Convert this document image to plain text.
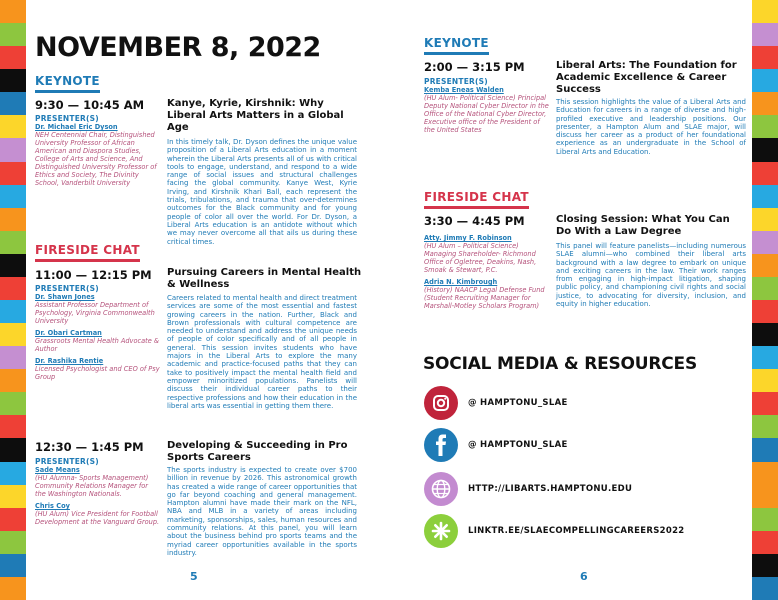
NOVEMBER 8, 2022
KEYNOTE
9:30 — 10:45 AM
PRESENTER(S)
Dr. Michael Eric Dyson
NEH Centennial Chair, Distinguished University Professor of African American and Diaspora Studies, College of Arts and Science, And Distinguished University Professor of Ethics and Society, The Divinity School, Vanderbilt University
Kanye, Kyrie, Kirshnik: Why Liberal Arts Matters in a Global Age
In this timely talk, Dr. Dyson defines the unique value proposition of a Liberal Arts education in a moment wherein the Liberal Arts presents all of us with critical tools to engage, understand, and respond to a wide range of social issues and structural challenges facing the global community. Kanye West, Kyrie Irving, and Kirshnik Khari Ball, each represent the trials, tribulations, and trauma that over-determines outcomes for the Black community and for young people of color all over the world. For Dr. Dyson, a Liberal Arts education is an antidote without which we may never overcome all that ails us during these critical times.
FIRESIDE CHAT
11:00 — 12:15 PM
PRESENTER(S)
Dr. Shawn Jones
Assistant Professor Department of Psychology, Virginia Commonwealth University
Dr. Obari Cartman
Grassroots Mental Health Advocate & Author
Dr. Rashika Rentie
Licensed Psychologist and CEO of Psy Group
Pursuing Careers in Mental Health & Wellness
Careers related to mental health and direct treatment services are some of the most essential and fastest growing careers in the nation. Further, Black and Brown professionals with cultural competence are needed to understand and address the unique needs of people of color specifically and of all people in general. This session invites students who have majors in the Liberal Arts to explore the many academic and practice-focused paths that they can take to positively impact the mental health field and empower minoritized populations. Panelists will discuss their individual career paths to their respective professions and how their education in the liberal arts was essential in getting them there.
12:30 — 1:45 PM
PRESENTER(S)
Sade Means
(HU Alumna- Sports Management) Community Relations Manager for the Washington Nationals.
Chris Coy
(HU Alum) Vice President for Football Development at the Vanguard Group.
Developing & Succeeding in Pro Sports Careers
The sports industry is expected to create over $700 billion in revenue by 2026. This astronomical growth has created a wide range of career opportunities that go far beyond coaching and general management. Hampton alumni have made their mark on the NFL, NBA and MLB in a variety of areas including marketing, sponsorships, sales, human resources and community relations. At this panel, you will learn about the business behind pro sports teams and the myriad career opportunities available in the sports industry.
5
KEYNOTE
2:00 — 3:15 PM
PRESENTER(S)
Kemba Eneas Walden
(HU Alum- Political Science) Principal Deputy National Cyber Director in the Office of the National Cyber Director, Executive office of the President of the United States
Liberal Arts: The Foundation for Academic Excellence & Career Success
This session highlights the value of a Liberal Arts and Education for careers in a range of diverse and high-profiled executive and leadership positions. Our presenter, a Hampton Alum and SLAE major, will discuss her career as a product of her foundational experience as an undergraduate in the School of Liberal Arts and Education.
FIRESIDE CHAT
3:30 — 4:45 PM
Atty. Jimmy F. Robinson
(HU Alum – Political Science) Managing Shareholder- Richmond Office of Ogletree, Deakins, Nash, Smoak & Stewart, P.C.
Adria N. Kimbrough
(History) NAACP Legal Defense Fund (Student Recruiting Manager for Marshall-Motley Scholars Program)
Closing Session: What You Can Do With a Law Degree
This panel will feature panelists—including numerous SLAE alumni—who combined their liberal arts background with a law degree to embark on unique and exciting careers in the law. Their work ranges from engaging in high-impact litigation, shaping public policy, and championing civil rights and social justice, to advocating for diversity, inclusion, and equity in higher education.
SOCIAL MEDIA & RESOURCES
@ HAMPTONU_SLAE
@ HAMPTONU_SLAE
HTTP://LIBARTS.HAMPTONU.EDU
LINKTR.EE/SLAECOMPELLINGCAREERS2022
6
